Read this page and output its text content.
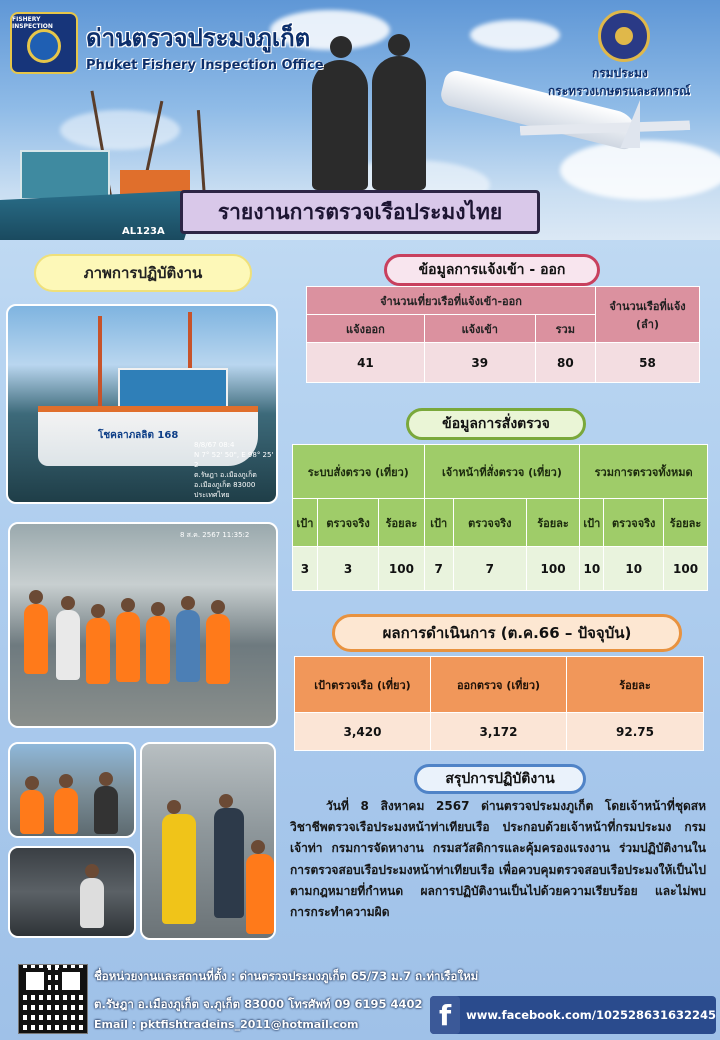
AL123A
FISHERY INSPECTION	ด่านตรวจประมงภูเก็ต
Phuket Fishery Inspection Office	กรมประมง
กระทรวงเกษตรและสหกรณ์
รายงานการตรวจเรือประมงไทย
ภาพการปฏิบัติงาน
โชคลาภลลิต 168
8/8/67 08:4
N 7° 52' 50", E 98° 25' 2
ต.รัษฎา อ.เมืองภูเก็ต
อ.เมืองภูเก็ต 83000
ประเทศไทย
8 ส.ค. 2567 11:35:2
ข้อมูลการแจ้งเข้า - ออก
จำนวนเที่ยวเรือที่แจ้งเข้า-ออก			จำนวนเรือที่แจ้ง (ลำ)
แจ้งออก	แจ้งเข้า	รวม	
41	39	80	58
ข้อมูลการสั่งตรวจ
ระบบสั่งตรวจ (เที่ยว)			เจ้าหน้าที่สั่งตรวจ (เที่ยว)			รวมการตรวจทั้งหมด		
เป้า	ตรวจจริง	ร้อยละ	เป้า	ตรวจจริง	ร้อยละ	เป้า	ตรวจจริง	ร้อยละ
3	3	100	7	7	100	10	10	100
ผลการดำเนินการ (ต.ค.66 – ปัจจุบัน)
เป้าตรวจเรือ (เที่ยว)	ออกตรวจ (เที่ยว)	ร้อยละ
3,420	3,172	92.75
สรุปการปฏิบัติงาน
วันที่ 8 สิงหาคม 2567 ด่านตรวจประมงภูเก็ต โดยเจ้าหน้าที่ชุดสหวิชาชีพตรวจเรือประมงหน้าท่าเทียบเรือ ประกอบด้วยเจ้าหน้าที่กรมประมง กรมเจ้าท่า กรมการจัดหางาน กรมสวัสดิการและคุ้มครองแรงงาน ร่วมปฏิบัติงานในการตรวจสอบเรือประมงหน้าท่าเทียบเรือ เพื่อควบคุมตรวจสอบเรือประมงให้เป็นไปตามกฎหมายที่กำหนด ผลการปฏิบัติงานเป็นไปด้วยความเรียบร้อย และไม่พบการกระทำความผิด
ชื่อหน่วยงานและสถานที่ตั้ง : ด่านตรวจประมงภูเก็ต 65/73 ม.7 ถ.ท่าเรือใหม่
ต.รัษฎา อ.เมืองภูเก็ต จ.ภูเก็ต 83000 โทรศัพท์ 09 6195 4402
Email : pktfishtradeins_2011@hotmail.com	f	www.facebook.com/102528631632245
